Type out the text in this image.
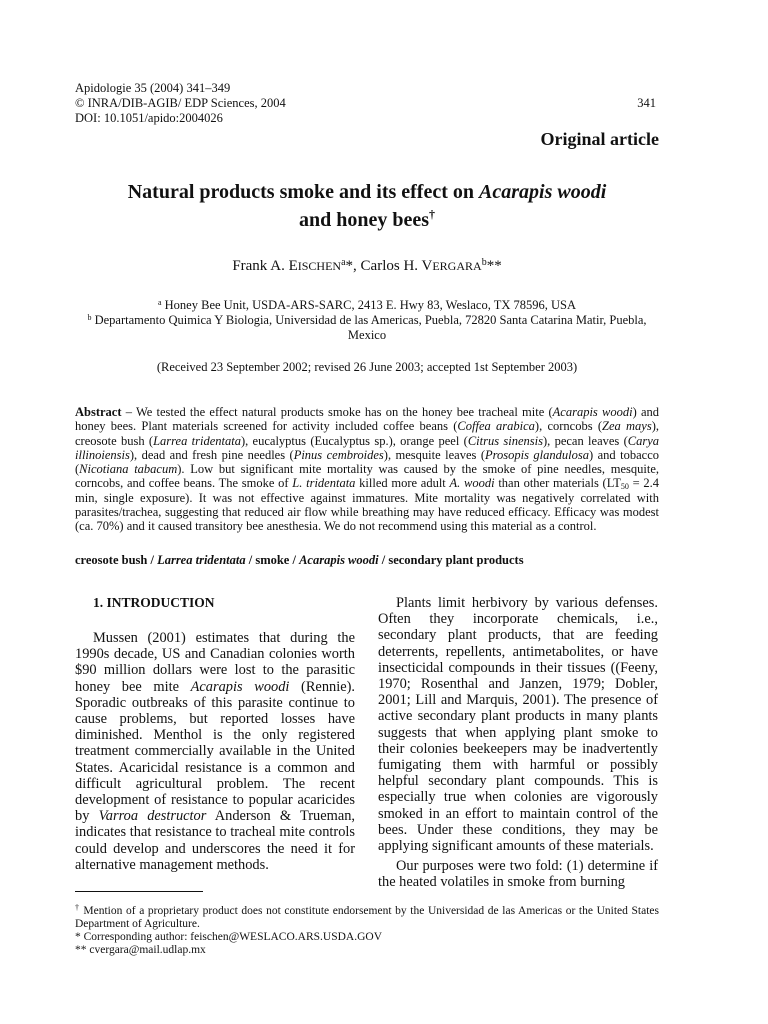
Apidologie 35 (2004) 341–349
© INRA/DIB-AGIB/ EDP Sciences, 2004
DOI: 10.1051/apido:2004026
341
Original article
Natural products smoke and its effect on Acarapis woodi
and honey bees†
Frank A. EISCHEN$^a$*, Carlos H. VERGARA$^b$**
$^a$ Honey Bee Unit, USDA-ARS-SARC, 2413 E. Hwy 83, Weslaco, TX 78596, USA
$^b$ Departamento Quimica Y Biologia, Universidad de las Americas, Puebla, 72820 Santa Catarina Matir, Puebla,
Mexico
(Received 23 September 2002; revised 26 June 2003; accepted 1st September 2003)
Abstract – We tested the effect natural products smoke has on the honey bee tracheal mite (Acarapis woodi) and honey bees. Plant materials screened for activity included coffee beans (Coffea arabica), corncobs (Zea mays), creosote bush (Larrea tridentata), eucalyptus (Eucalyptus sp.), orange peel (Citrus sinensis), pecan leaves (Carya illinoiensis), dead and fresh pine needles (Pinus cembroides), mesquite leaves (Prosopis glandulosa) and tobacco (Nicotiana tabacum). Low but significant mite mortality was caused by the smoke of pine needles, mesquite, corncobs, and coffee beans. The smoke of L. tridentata killed more adult A. woodi than other materials ($LT_{50} = 2.4$ min, single exposure). It was not effective against immatures. Mite mortality was negatively correlated with parasites/trachea, suggesting that reduced air flow while breathing may have reduced efficacy. Efficacy was modest (ca. 70%) and it caused transitory bee anesthesia. We do not recommend using this material as a control.
creosote bush / Larrea tridentata / smoke / Acarapis woodi / secondary plant products
1. INTRODUCTION

Mussen (2001) estimates that during the 1990s decade, US and Canadian colonies worth $90 million dollars were lost to the parasitic honey bee mite Acarapis woodi (Rennie). Sporadic outbreaks of this parasite continue to cause problems, but reported losses have diminished. Menthol is the only registered treatment commercially available in the United States. Acaricidal resistance is a common and difficult agricultural problem. The recent development of resistance to popular acaricides by Varroa destructor Anderson & Trueman, indicates that resistance to tracheal mite controls could develop and underscores the need it for alternative management methods.

Plants limit herbivory by various defenses. Often they incorporate chemicals, i.e., secondary plant products, that are feeding deterrents, repellents, antimetabolites, or have insecticidal compounds in their tissues ((Feeny, 1970; Rosenthal and Janzen, 1979; Dobler, 2001; Lill and Marquis, 2001). The presence of active secondary plant products in many plants suggests that when applying plant smoke to their colonies beekeepers may be inadvertently fumigating them with harmful or possibly helpful secondary plant compounds. This is especially true when colonies are vigorously smoked in an effort to maintain control of the bees. Under these conditions, they may be applying significant amounts of these materials.

Our purposes were two fold: (1) determine if the heated volatiles in smoke from burning

† Mention of a proprietary product does not constitute endorsement by the Universidad de las Americas or the United States Department of Agriculture.
* Corresponding author: feischen@WESLACO.ARS.USDA.GOV
** cvergara@mail.udlap.mx
